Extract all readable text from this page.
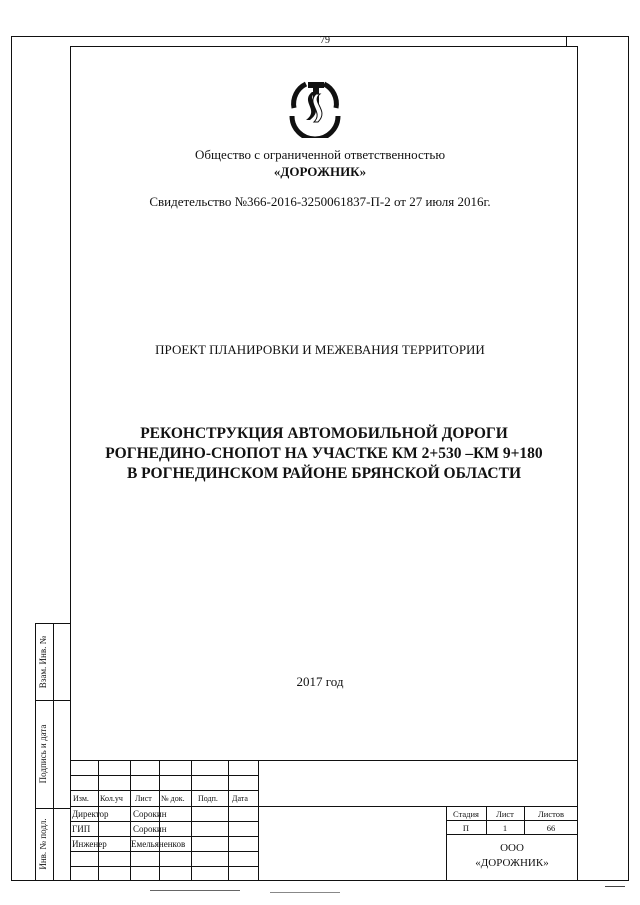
79
Общество с ограниченной ответственностью
«ДОРОЖНИК»
Свидетельство №366-2016-3250061837-П-2 от 27 июля 2016г.
ПРОЕКТ ПЛАНИРОВКИ И МЕЖЕВАНИЯ ТЕРРИТОРИИ
РЕКОНСТРУКЦИЯ АВТОМОБИЛЬНОЙ ДОРОГИ
РОГНЕДИНО-СНОПОТ НА УЧАСТКЕ КМ 2+530 –КМ 9+180
В РОГНЕДИНСКОМ РАЙОНЕ БРЯНСКОЙ ОБЛАСТИ
2017 год
Взам. Инв. №
Подпись и дата
Инв. № подл.
Изм. Кол.уч Лист № док. Подп. Дата
Директор	Сорокин
ГИП	Сорокин
Инженер	Емельяненков
Стадия	Лист	Листов
П	1	66
ООО
«ДОРОЖНИК»
